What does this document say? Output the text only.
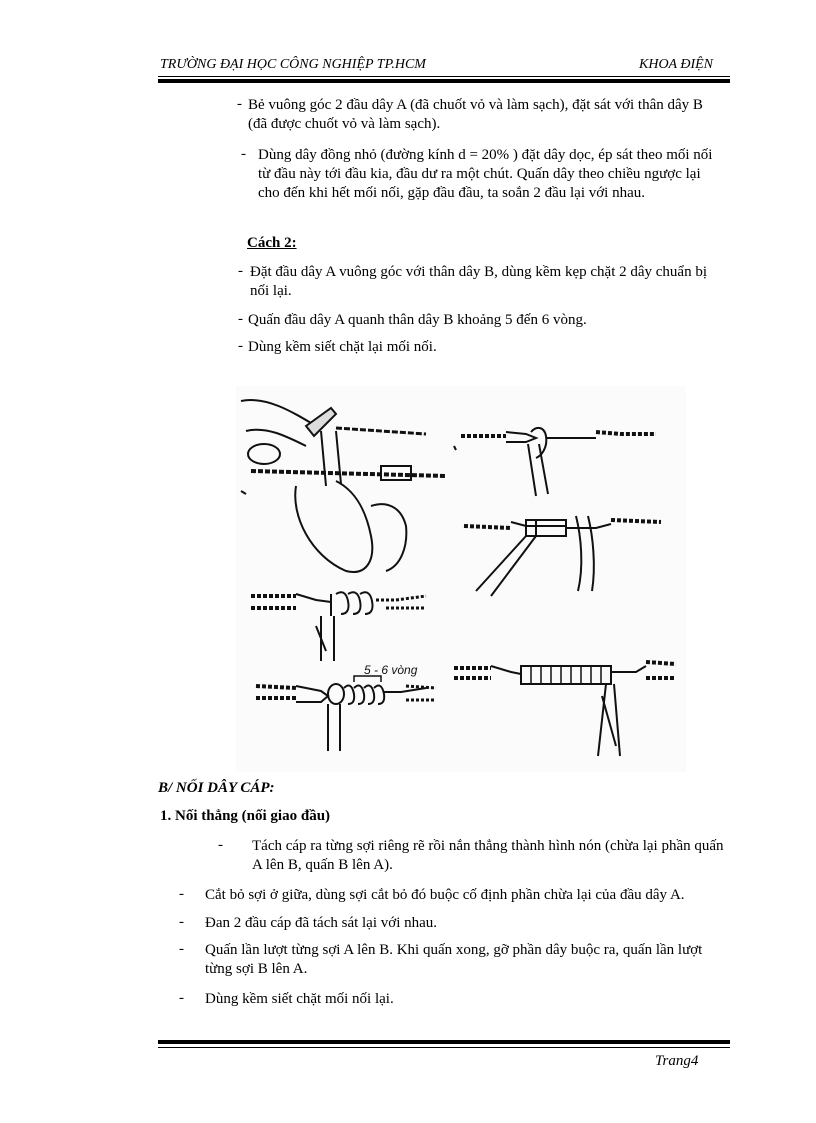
TRƯỜNG ĐẠI HỌC CÔNG NGHIỆP TP.HCM	KHOA ĐIỆN
- Bẻ vuông góc 2 đầu dây A (đã chuốt vỏ và làm sạch), đặt sát với thân dây B (đã được chuốt vỏ và làm sạch).
- Dùng dây đồng nhỏ (đường kính d = 20% ) đặt dây dọc, ép sát theo mối nối từ đầu này tới đầu kia, đầu dư ra một chút. Quấn dây theo chiều ngược lại cho đến khi hết mối nối, gặp đầu đầu, ta soắn 2 đầu lại với nhau.
Cách 2:
- Đặt đầu dây A vuông góc với thân dây B, dùng kềm kẹp chặt 2 dây chuẩn bị nối lại.
- Quấn đầu dây A quanh thân dây B khoảng 5 đến 6 vòng.
- Dùng kềm siết chặt lại mối nối.
5 - 6 vòng
B/ NỐI DÂY CÁP:
1. Nối thẳng (nối giao đầu)
- Tách cáp ra từng sợi riêng rẽ rồi nắn thẳng thành hình nón (chừa lại phần quấn A lên B, quấn B lên A).
- Cắt bỏ sợi ở giữa, dùng sợi cắt bỏ đó buộc cố định phần chừa lại của đầu dây A.
- Đan 2 đầu cáp đã tách sát lại với nhau.
- Quấn lần lượt từng sợi A lên B. Khi quấn xong, gỡ phần dây buộc ra, quấn lần lượt từng sợi B lên A.
- Dùng kềm siết chặt mối nối lại.
Trang4
